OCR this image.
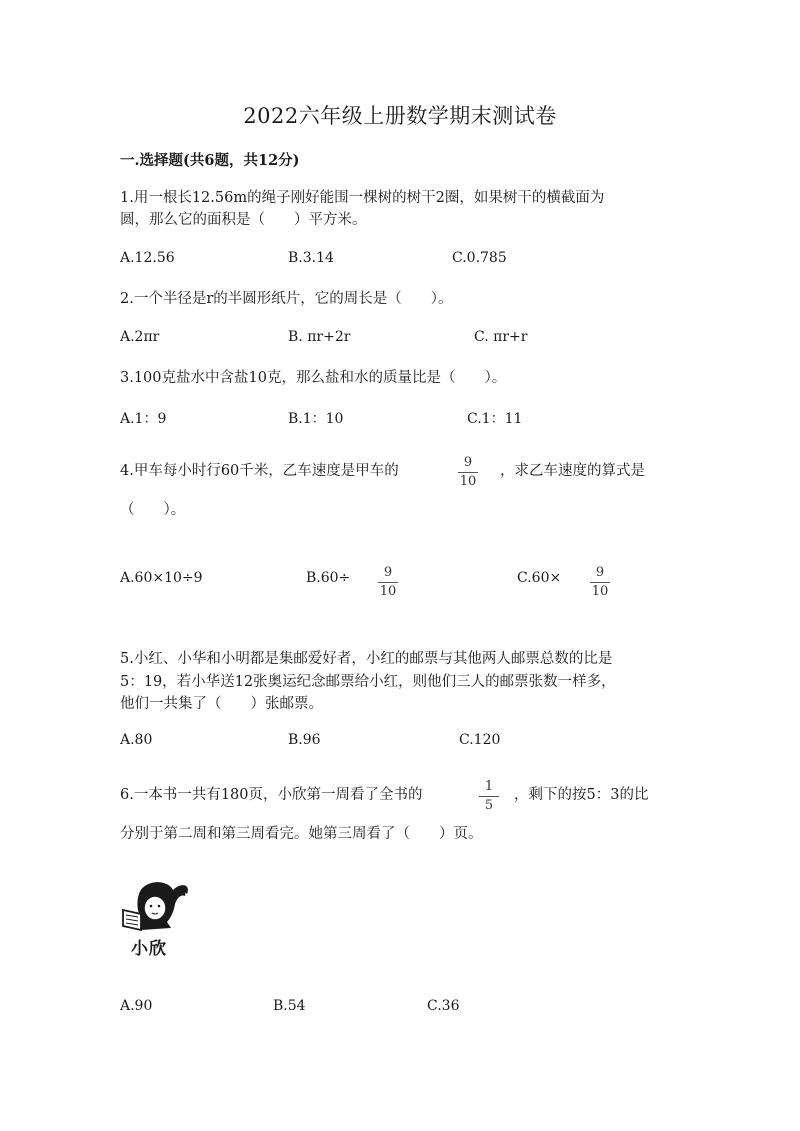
2022六年级上册数学期末测试卷
一.选择题(共6题，共12分)
1.用一根长12.56m的绳子刚好能围一棵树的树干2圈，如果树干的横截面为
圆，那么它的面积是（　　）平方米。
A.12.56	B.3.14	C.0.785
2.一个半径是r的半圆形纸片，它的周长是（　　）。
A.2πr	B. πr+2r	C. πr+r
3.100克盐水中含盐10克，那么盐和水的质量比是（　　）。
A.1：9	B.1：10	C.1：11
4.甲车每小时行60千米，乙车速度是甲车的
9
10
，求乙车速度的算式是
（　　）。
A.60×10÷9	B.60÷	9
10
C.60×	9
10
5.小红、小华和小明都是集邮爱好者，小红的邮票与其他两人邮票总数的比是
5：19，若小华送12张奥运纪念邮票给小红，则他们三人的邮票张数一样多，
他们一共集了（　　）张邮票。
A.80	B.96	C.120
6.一本书一共有180页，小欣第一周看了全书的
1
5
，剩下的按5：3的比
分别于第二周和第三周看完。她第三周看了（　　）页。
小欣
A.90	B.54	C.36
